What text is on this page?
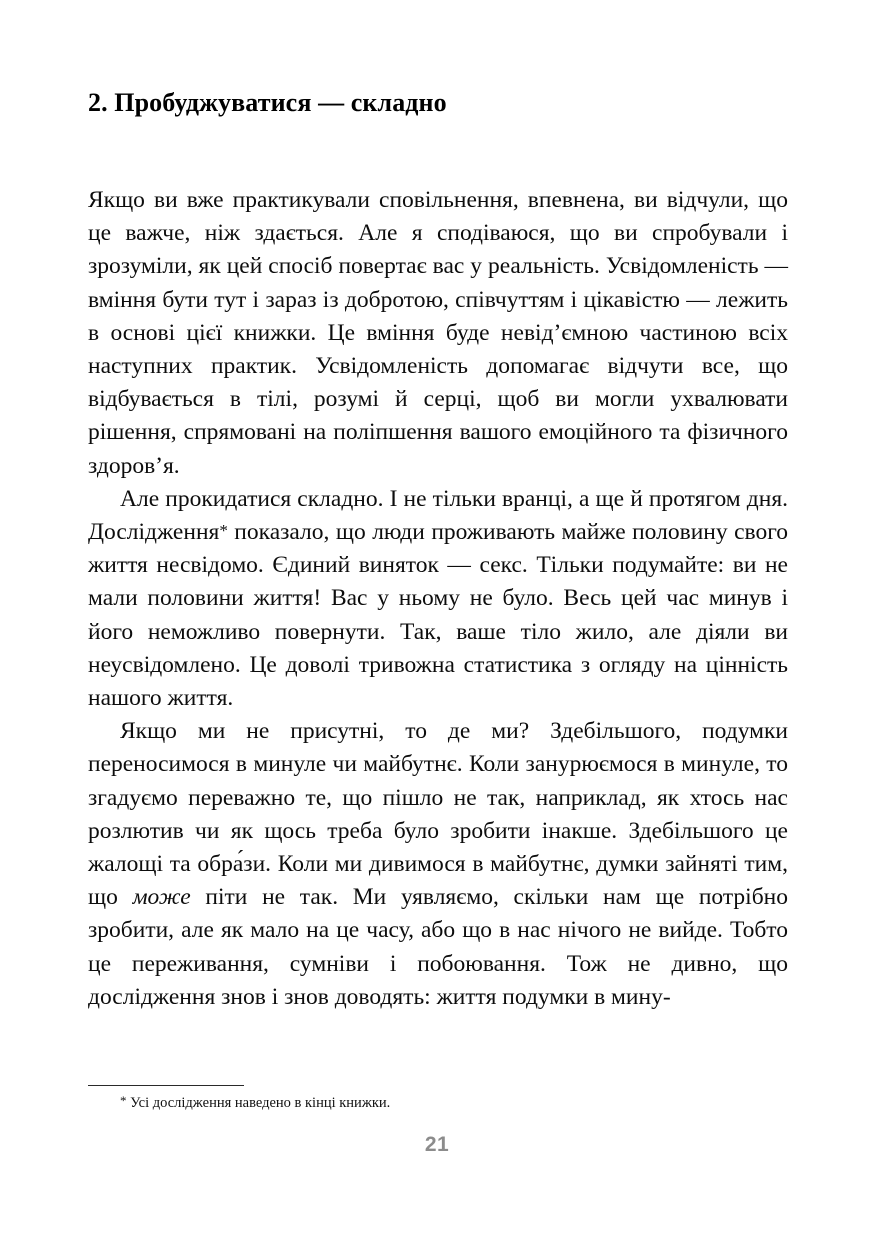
2. Пробуджуватися — складно

Якщо ви вже практикували сповільнення, впевнена, ви відчули, що це важче, ніж здається. Але я сподіваюся, що ви спробували і зрозуміли, як цей спосіб повертає вас у реальність. Усвідомленість — вміння бути тут і зараз із добротою, співчуттям і цікавістю — лежить в основі цієї книжки. Це вміння буде невід’ємною частиною всіх наступних практик. Усвідомленість допомагає відчути все, що відбувається в тілі, розумі й серці, щоб ви могли ухвалювати рішення, спрямовані на поліпшення вашого емоційного та фізичного здоров’я.

Але прокидатися складно. І не тільки вранці, а ще й протягом дня. Дослідження* показало, що люди проживають майже половину свого життя несвідомо. Єдиний виняток — секс. Тільки подумайте: ви не мали половини життя! Вас у ньому не було. Весь цей час минув і його неможливо повернути. Так, ваше тіло жило, але діяли ви неусвідомлено. Це доволі тривожна статистика з огляду на цінність нашого життя.

Якщо ми не присутні, то де ми? Здебільшого, подумки переносимося в минуле чи майбутнє. Коли занурюємося в минуле, то згадуємо переважно те, що пішло не так, наприклад, як хтось нас розлютив чи як щось треба було зробити інакше. Здебільшого це жалощі та обра́зи. Коли ми дивимося в майбутнє, думки зайняті тим, що може піти не так. Ми уявляємо, скільки нам ще потрібно зробити, але як мало на це часу, або що в нас нічого не вийде. Тобто це переживання, сумніви і побоювання. Тож не дивно, що дослідження знов і знов доводять: життя подумки в мину-

* Усі дослідження наведено в кінці книжки.

21
